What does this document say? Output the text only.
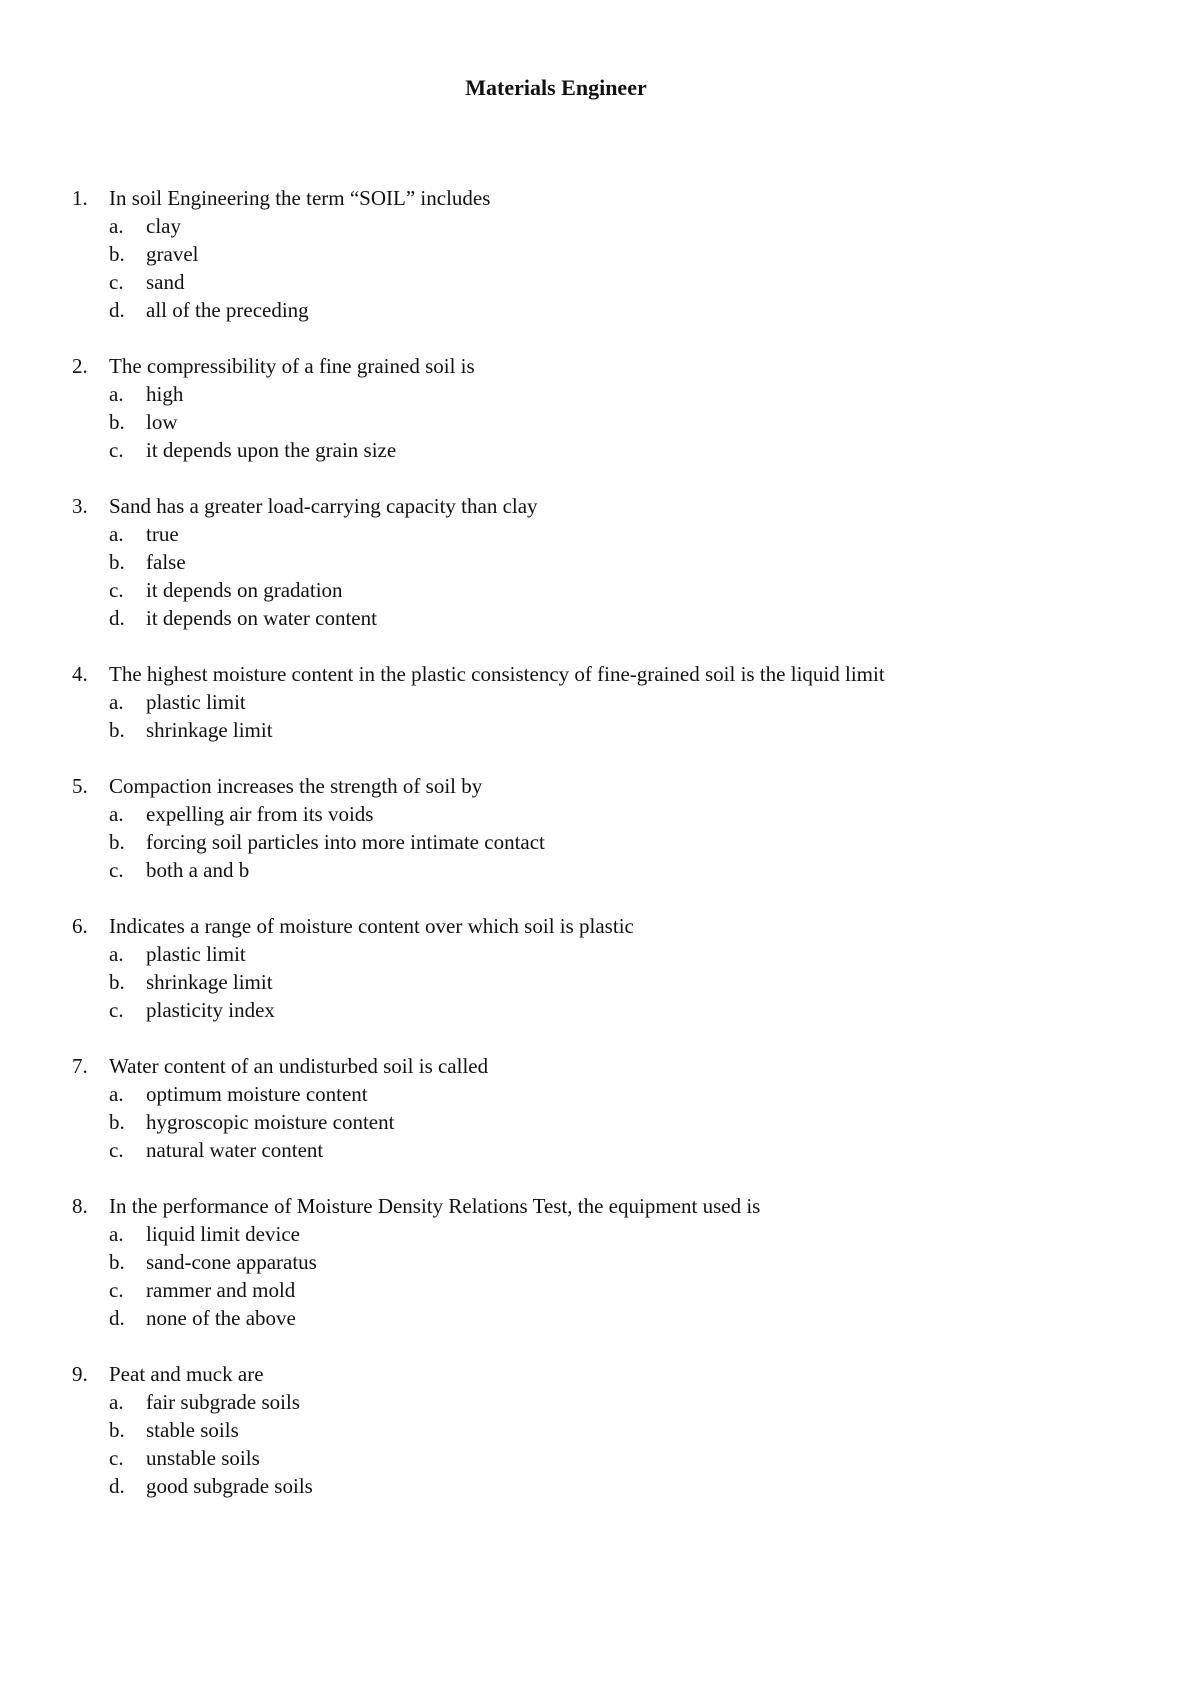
Materials Engineer
1.	In soil Engineering the term “SOIL” includes
a.	clay
b.	gravel
c.	sand
d.	all of the preceding
2.	The compressibility of a fine grained soil is
a.	high
b.	low
c.	it depends upon the grain size
3.	Sand has a greater load-carrying capacity than clay
a.	true
b.	false
c.	it depends on gradation
d.	it depends on water content
4.	The highest moisture content in the plastic consistency of fine-grained soil is the liquid limit
a.	plastic limit
b.	shrinkage limit
5.	Compaction increases the strength of soil by
a.	expelling air from its voids
b.	forcing soil particles into more intimate contact
c.	both a and b
6.	Indicates a range of moisture content over which soil is plastic
a.	plastic limit
b.	shrinkage limit
c.	plasticity index
7.	Water content of an undisturbed soil is called
a.	optimum moisture content
b.	hygroscopic moisture content
c.	natural water content
8.	In the performance of Moisture Density Relations Test, the equipment used is
a.	liquid limit device
b.	sand-cone apparatus
c.	rammer and mold
d.	none of the above
9.	Peat and muck are
a.	fair subgrade soils
b.	stable soils
c.	unstable soils
d.	good subgrade soils
